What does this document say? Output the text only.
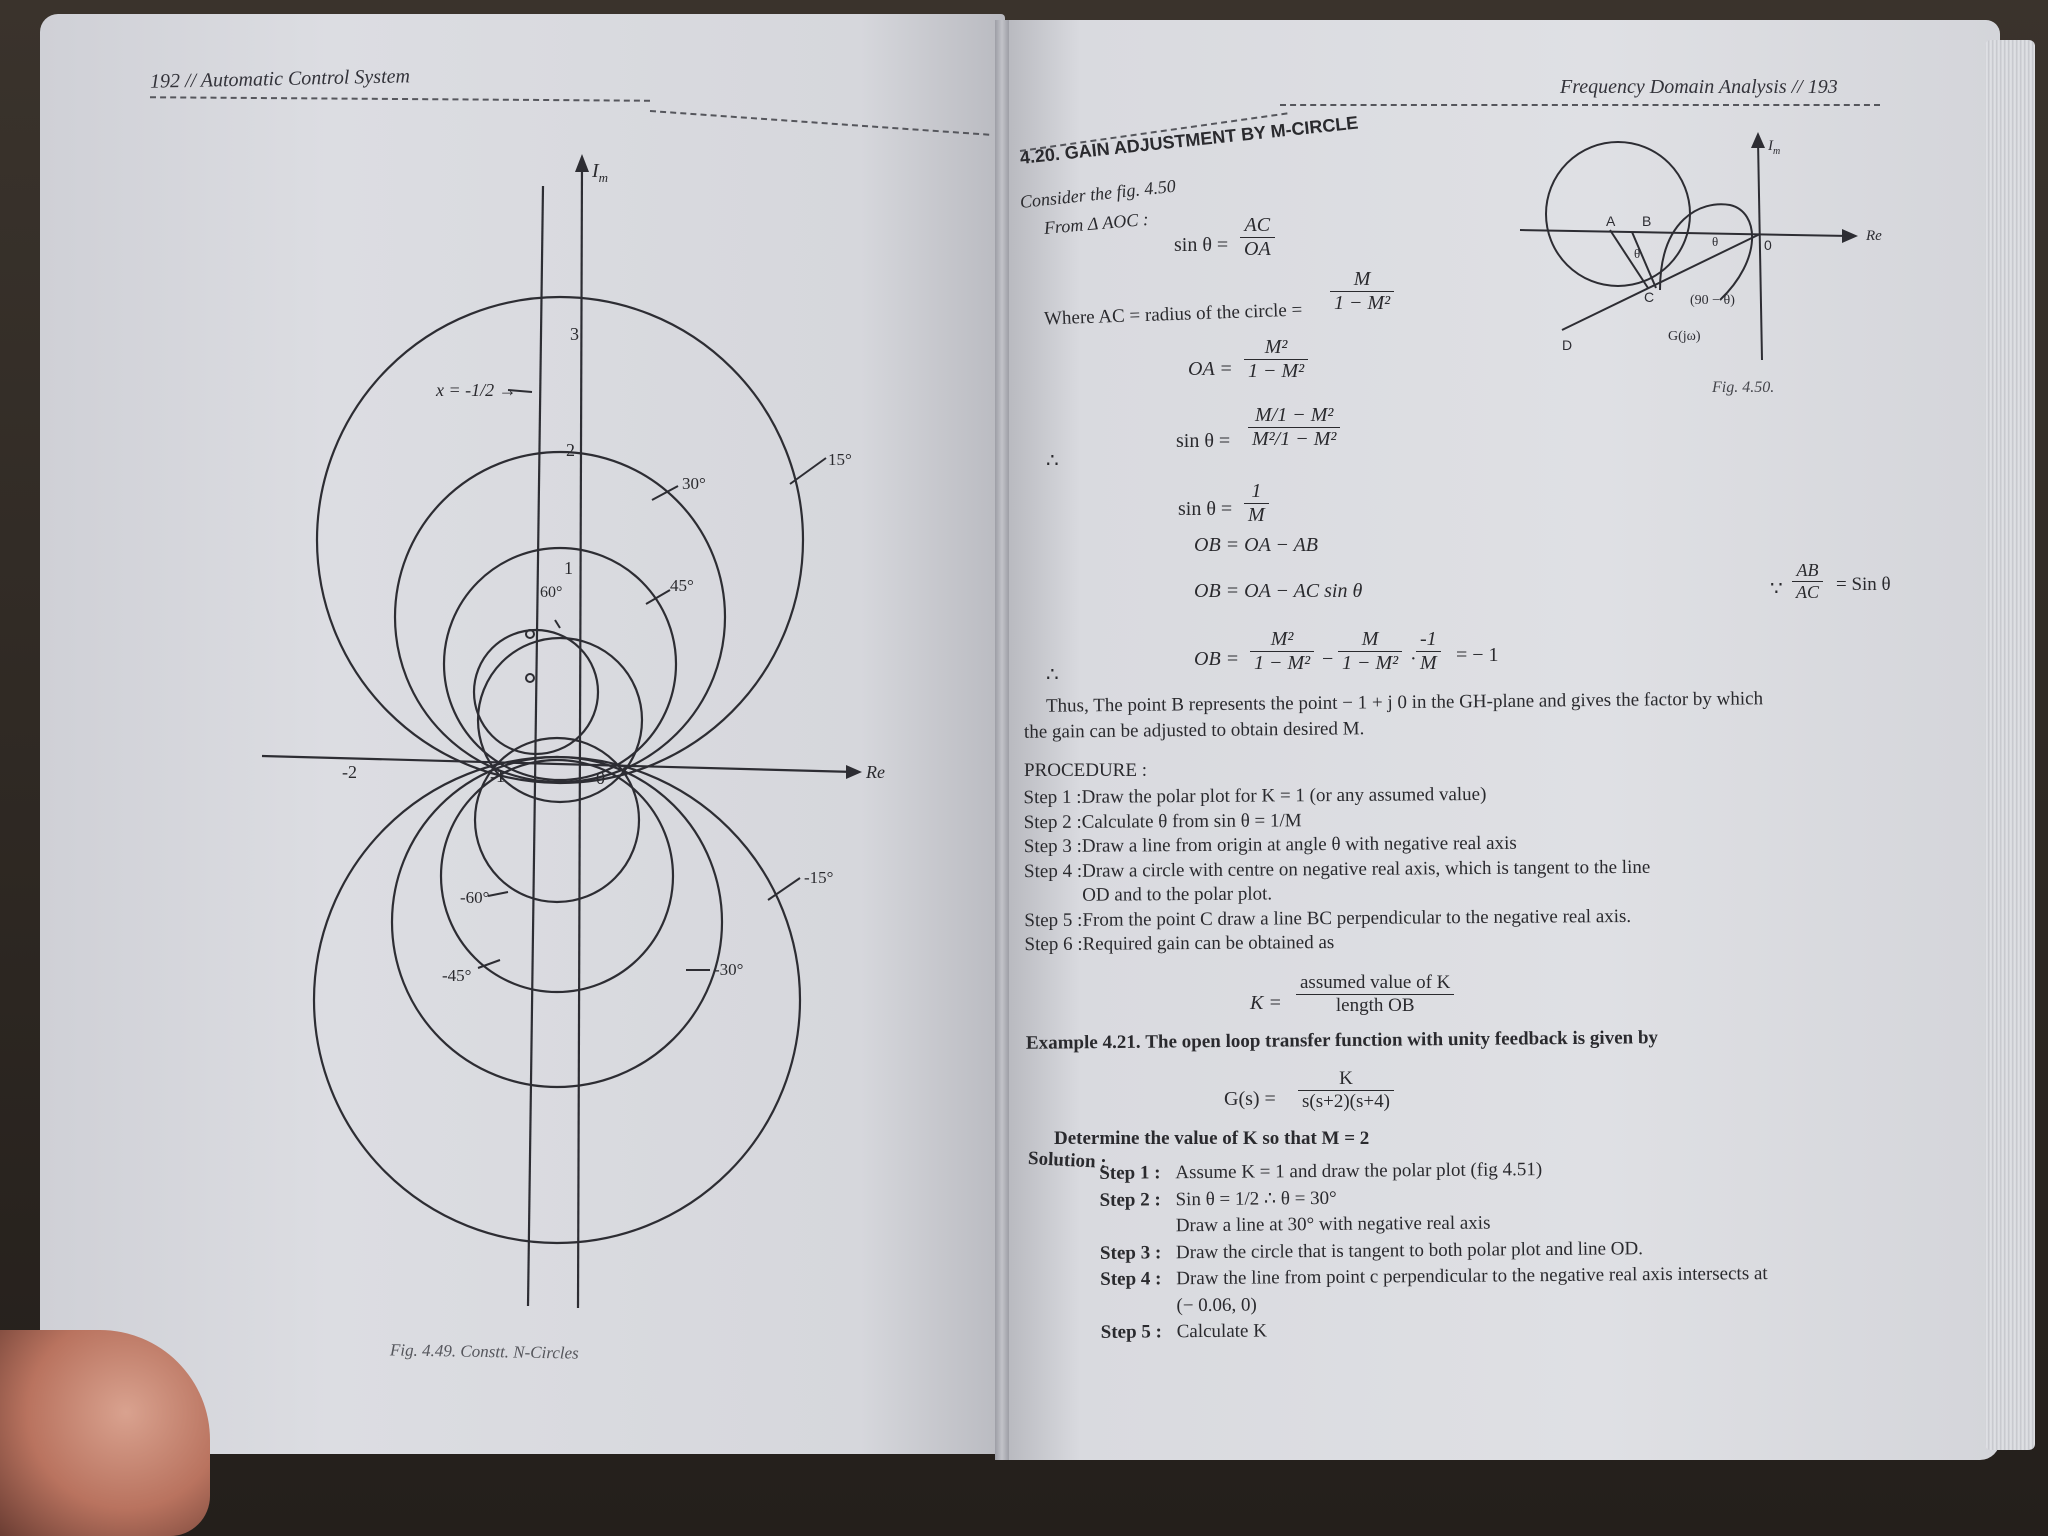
192 // Automatic Control System
$I_m$
Re
-2	-1	0
1
2
3
x = -1/2 →
15°
30°
45°
60°
-15°
-30°
-45°
-60°
Fig. 4.49. Constt. N-Circles
Frequency Domain Analysis // 193
4.20. GAIN ADJUSTMENT BY M-CIRCLE
Consider the fig. 4.50
From Δ AOC :
$\sin \theta = \frac{AC}{OA}$
Where AC = radius of the circle = $\frac{M}{\text{1 − M²}}$
OA = $\frac{\text{M²}}{\text{1 − M²}}$
∴
$\sin \theta = \frac{\text{M/1 − M²}}{\text{M²/1 − M²}}$
$\sin \theta = \frac{1}{M}$
OB = OA − AB
OB = OA − AC sin θ	∵ $\frac{AB}{AC}$ = Sin θ
∴
OB = $\frac{\text{M²}}{\text{1 − M²}} - \frac{M}{\text{1 − M²}} \cdot \frac{-1}{M}$ = − 1
Thus, The point B represents the point − 1 + j 0 in the GH-plane and gives the factor by which
the gain can be adjusted to obtain desired M.
PROCEDURE :
Step 1 :Draw the polar plot for K = 1 (or any assumed value)
Step 2 :Calculate θ from sin θ = 1/M
Step 3 :Draw a line from origin at angle θ with negative real axis
Step 4 :Draw a circle with centre on negative real axis, which is tangent to the line
OD and to the polar plot.
Step 5 :From the point C draw a line BC perpendicular to the negative real axis.
Step 6 :Required gain can be obtained as
K =
assumed value of K
length OB
Example 4.21. The open loop transfer function with unity feedback is given by
$G(s) = \frac{K}{s(s+2)(s+4)}$
Determine the value of K so that M = 2
Solution :
Step 1 : Assume K = 1 and draw the polar plot (fig 4.51)
Step 2 : Sin θ = 1/2 ∴ θ = 30°
Draw a line at 30° with negative real axis
Step 3 : Draw the circle that is tangent to both polar plot and line OD.
Step 4 : Draw the line from point c perpendicular to the negative real axis intersects at
(− 0.06, 0)
Step 5 : Calculate K
A B
C
D
0
θ
θ
(90 − θ)
G(jω)
Re
$I_m$
Fig. 4.50.
